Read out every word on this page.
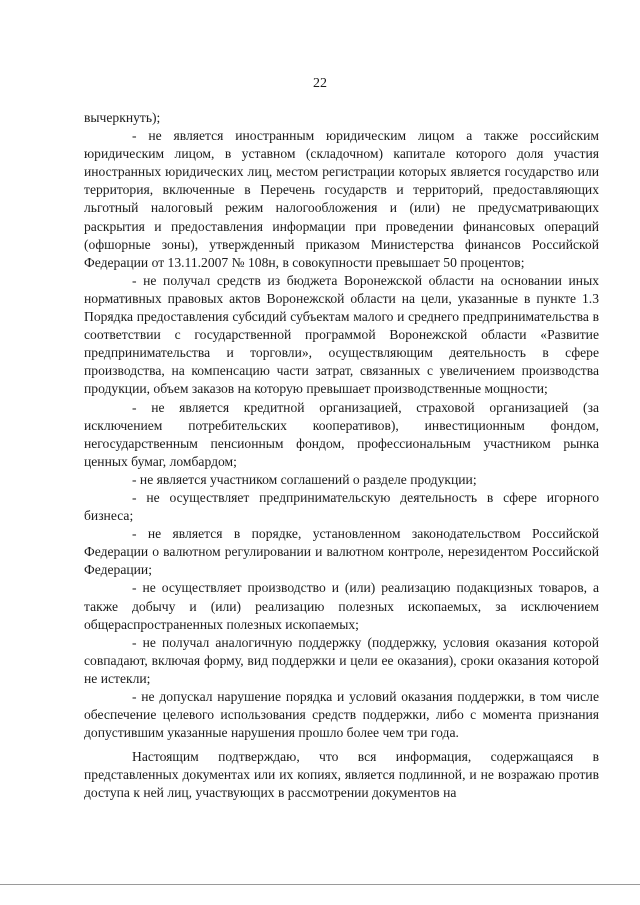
22

вычеркнуть);

- не является иностранным юридическим лицом а также российским юридическим лицом, в уставном (складочном) капитале которого доля участия иностранных юридических лиц, местом регистрации которых является государство или территория, включенные в Перечень государств и территорий, предоставляющих льготный налоговый режим налогообложения и (или) не предусматривающих раскрытия и предоставления информации при проведении финансовых операций (офшорные зоны), утвержденный приказом Министерства финансов Российской Федерации от 13.11.2007 № 108н, в совокупности превышает 50 процентов;

- не получал средств из бюджета Воронежской области на основании иных нормативных правовых актов Воронежской области на цели, указанные в пункте 1.3 Порядка предоставления субсидий субъектам малого и среднего предпринимательства в соответствии с государственной программой Воронежской области «Развитие предпринимательства и торговли», осуществляющим деятельность в сфере производства, на компенсацию части затрат, связанных с увеличением производства продукции, объем заказов на которую превышает производственные мощности;

- не является кредитной организацией, страховой организацией (за исключением потребительских кооперативов), инвестиционным фондом, негосударственным пенсионным фондом, профессиональным участником рынка ценных бумаг, ломбардом;

- не является участником соглашений о разделе продукции;

- не осуществляет предпринимательскую деятельность в сфере игорного бизнеса;

- не является в порядке, установленном законодательством Российской Федерации о валютном регулировании и валютном контроле, нерезидентом Российской Федерации;

- не осуществляет производство и (или) реализацию подакцизных товаров, а также добычу и (или) реализацию полезных ископаемых, за исключением общераспространенных полезных ископаемых;

- не получал аналогичную поддержку (поддержку, условия оказания которой совпадают, включая форму, вид поддержки и цели ее оказания), сроки оказания которой не истекли;

- не допускал нарушение порядка и условий оказания поддержки, в том числе обеспечение целевого использования средств поддержки, либо с момента признания допустившим указанные нарушения прошло более чем три года.

Настоящим подтверждаю, что вся информация, содержащаяся в представленных документах или их копиях, является подлинной, и не возражаю против доступа к ней лиц, участвующих в рассмотрении документов на
